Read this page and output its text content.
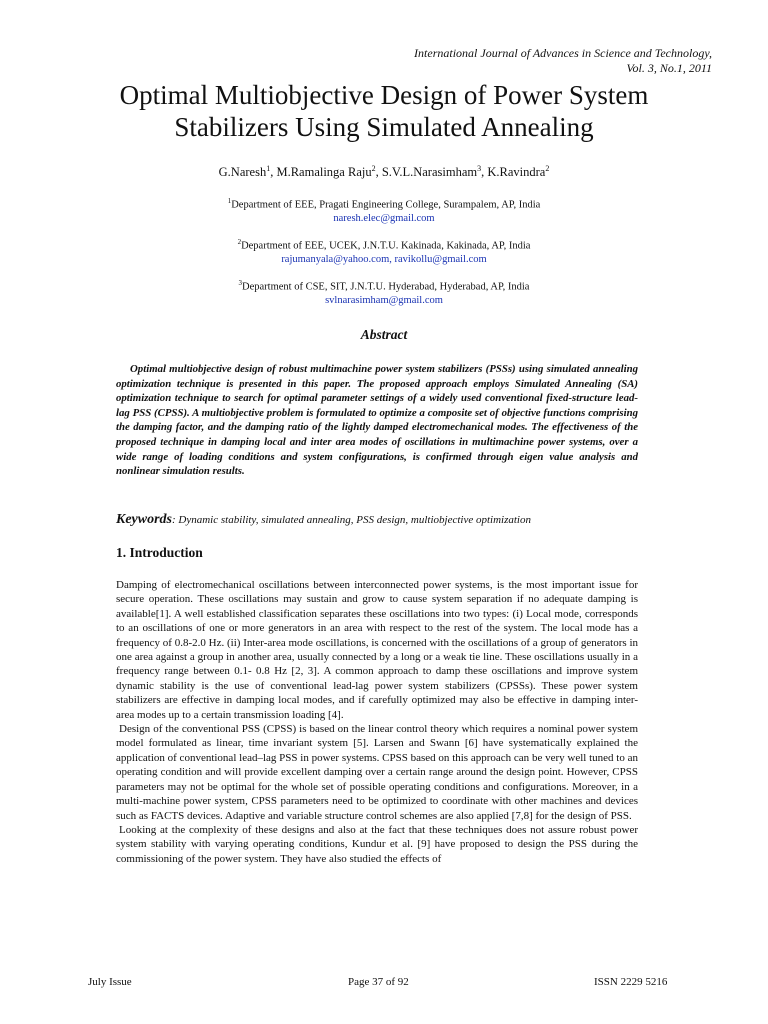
International Journal of Advances in Science and Technology,
Vol. 3, No.1, 2011
Optimal Multiobjective Design of Power System
Stabilizers Using Simulated Annealing
G.Naresh$^1$, M.Ramalinga Raju$^2$, S.V.L.Narasimham$^3$, K.Ravindra$^2$
$^1$Department of EEE, Pragati Engineering College, Surampalem, AP, India
naresh.elec@gmail.com
$^2$Department of EEE, UCEK, J.N.T.U. Kakinada, Kakinada, AP, India
rajumanyala@yahoo.com, ravikollu@gmail.com
$^3$Department of CSE, SIT, J.N.T.U. Hyderabad, Hyderabad, AP, India
svlnarasimham@gmail.com
Abstract
Optimal multiobjective design of robust multimachine power system stabilizers (PSSs) using simulated annealing optimization technique is presented in this paper. The proposed approach employs Simulated Annealing (SA) optimization technique to search for optimal parameter settings of a widely used conventional fixed-structure lead-lag PSS (CPSS). A multiobjective problem is formulated to optimize a composite set of objective functions comprising the damping factor, and the damping ratio of the lightly damped electromechanical modes. The effectiveness of the proposed technique in damping local and inter area modes of oscillations in multimachine power systems, over a wide range of loading conditions and system configurations, is confirmed through eigen value analysis and nonlinear simulation results.
Keywords: Dynamic stability, simulated annealing, PSS design, multiobjective optimization
1. Introduction

Damping of electromechanical oscillations between interconnected power systems, is the most important issue for secure operation. These oscillations may sustain and grow to cause system separation if no adequate damping is available[1]. A well established classification separates these oscillations into two types: (i) Local mode, corresponds to an oscillations of one or more generators in an area with respect to the rest of the system. The local mode has a frequency of 0.8-2.0 Hz. (ii) Inter-area mode oscillations, is concerned with the oscillations of a group of generators in one area against a group in another area, usually connected by a long or a weak tie line. These oscillations usually in a frequency range between 0.1- 0.8 Hz [2, 3]. A common approach to damp these oscillations and improve system dynamic stability is the use of conventional lead-lag power system stabilizers (CPSSs). These power system stabilizers are effective in damping local modes, and if carefully optimized may also be effective in damping inter-area modes up to a certain transmission loading [4].

Design of the conventional PSS (CPSS) is based on the linear control theory which requires a nominal power system model formulated as linear, time invariant system [5]. Larsen and Swann [6] have systematically explained the application of conventional lead–lag PSS in power systems. CPSS based on this approach can be very well tuned to an operating condition and will provide excellent damping over a certain range around the design point. However, CPSS parameters may not be optimal for the whole set of possible operating conditions and configurations. Moreover, in a multi-machine power system, CPSS parameters need to be optimized to coordinate with other machines and devices such as FACTS devices. Adaptive and variable structure control schemes are also applied [7,8] for the design of PSS.

Looking at the complexity of these designs and also at the fact that these techniques does not assure robust power system stability with varying operating conditions, Kundur et al. [9] have proposed to design the PSS during the commissioning of the power system. They have also studied the effects of

July Issue	Page 37 of 92	ISSN 2229 5216
